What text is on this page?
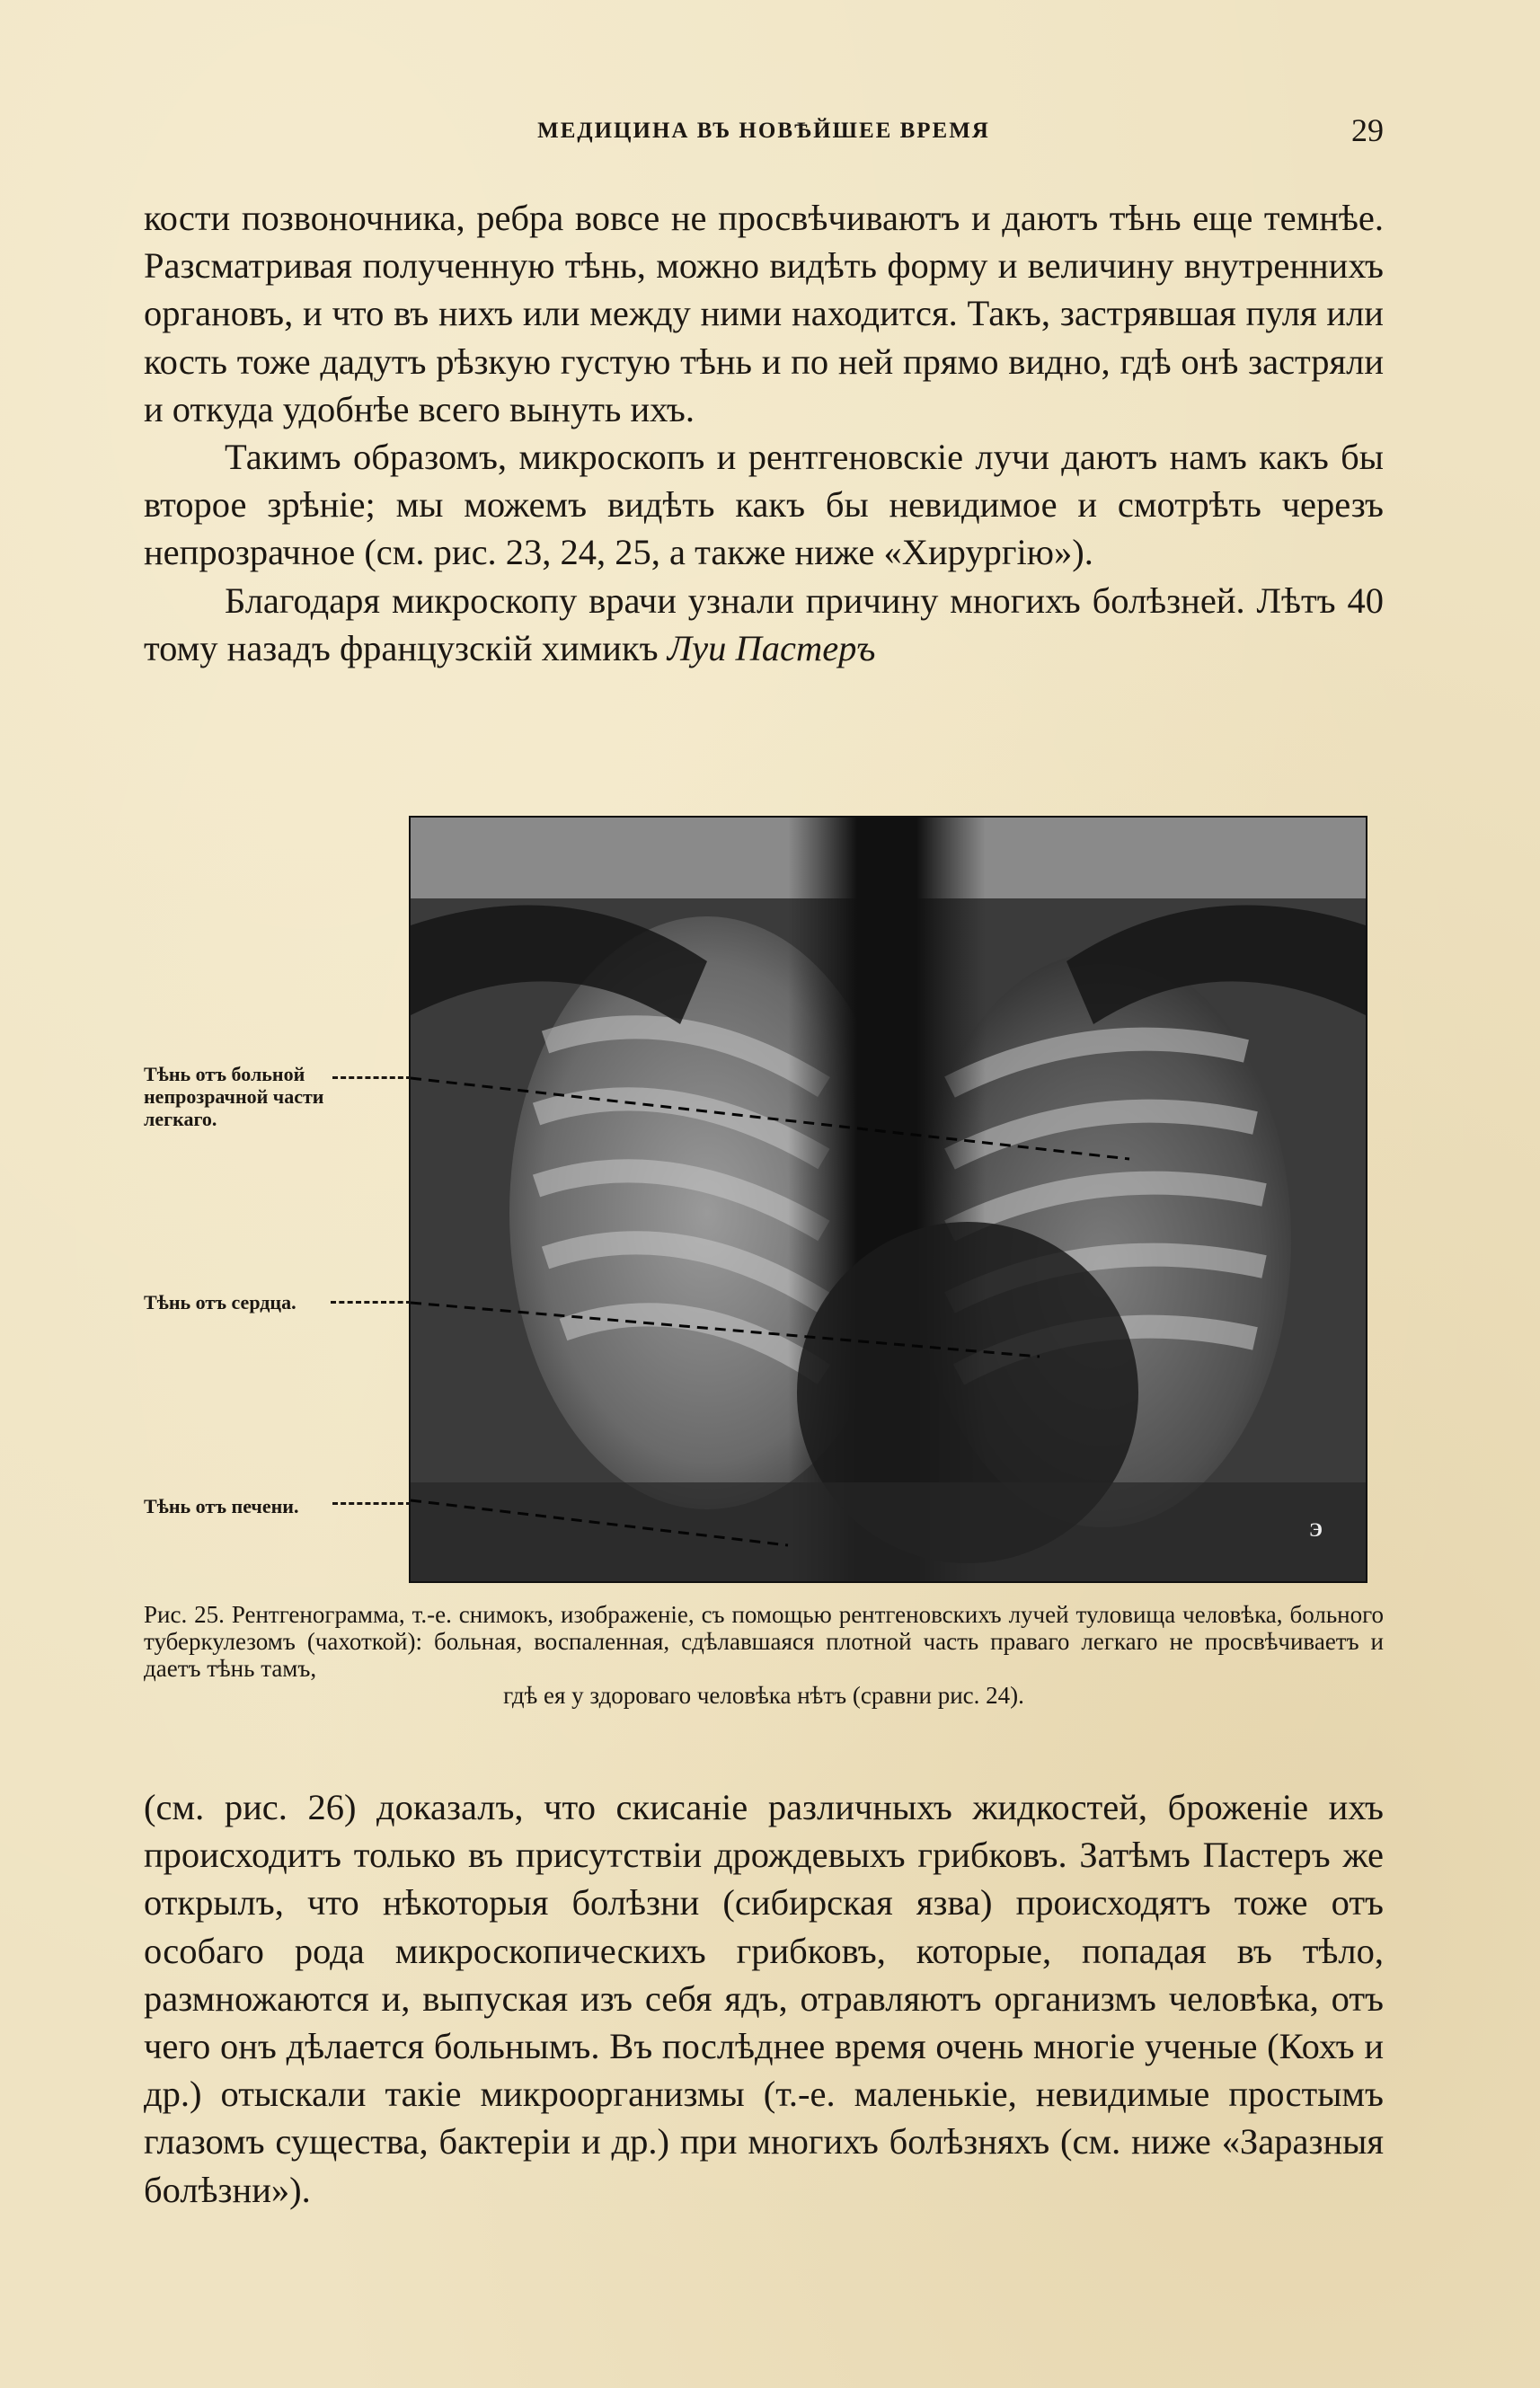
МЕДИЦИНА ВЪ НОВѢЙШЕЕ ВРЕМЯ	29

кости позвоночника, ребра вовсе не просвѣчиваютъ и даютъ тѣнь еще темнѣе. Разсматривая полученную тѣнь, можно видѣть форму и величину внутреннихъ органовъ, и что въ нихъ или между ними находится. Такъ, застрявшая пуля или кость тоже дадутъ рѣзкую густую тѣнь и по ней прямо видно, гдѣ онѣ застряли и откуда удобнѣе всего вынуть ихъ.

Такимъ образомъ, микроскопъ и рентгеновскіе лучи даютъ намъ какъ бы второе зрѣніе; мы можемъ видѣть какъ бы невидимое и смотрѣть черезъ непрозрачное (см. рис. 23, 24, 25, а также ниже «Хирургію»).

Благодаря микроскопу врачи узнали причину многихъ болѣзней. Лѣтъ 40 тому назадъ французскій химикъ Луи Пастеръ

Тѣнь отъ больной непрозрачной части легкаго.
Тѣнь отъ сердца.
Тѣнь отъ печени.
Э

Рис. 25. Рентгенограмма, т.-е. снимокъ, изображеніе, съ помощью рентгеновскихъ лучей туловища человѣка, больного туберкулезомъ (чахоткой): больная, воспаленная, сдѣлавшаяся плотной часть праваго легкаго не просвѣчиваетъ и даетъ тѣнь тамъ,

гдѣ ея у здороваго человѣка нѣтъ (сравни рис. 24).

(см. рис. 26) доказалъ, что скисаніе различныхъ жидкостей, броженіе ихъ происходитъ только въ присутствіи дрождевыхъ грибковъ. Затѣмъ Пастеръ же открылъ, что нѣкоторыя болѣзни (сибирская язва) происходятъ тоже отъ особаго рода микроскопическихъ грибковъ, которые, попадая въ тѣло, размножаются и, выпуская изъ себя ядъ, отравляютъ организмъ человѣка, отъ чего онъ дѣлается больнымъ. Въ послѣднее время очень многіе ученые (Кохъ и др.) отыскали такіе микроорганизмы (т.-е. маленькіе, невидимые простымъ глазомъ существа, бактеріи и др.) при многихъ болѣзняхъ (см. ниже «Заразныя болѣзни»).
